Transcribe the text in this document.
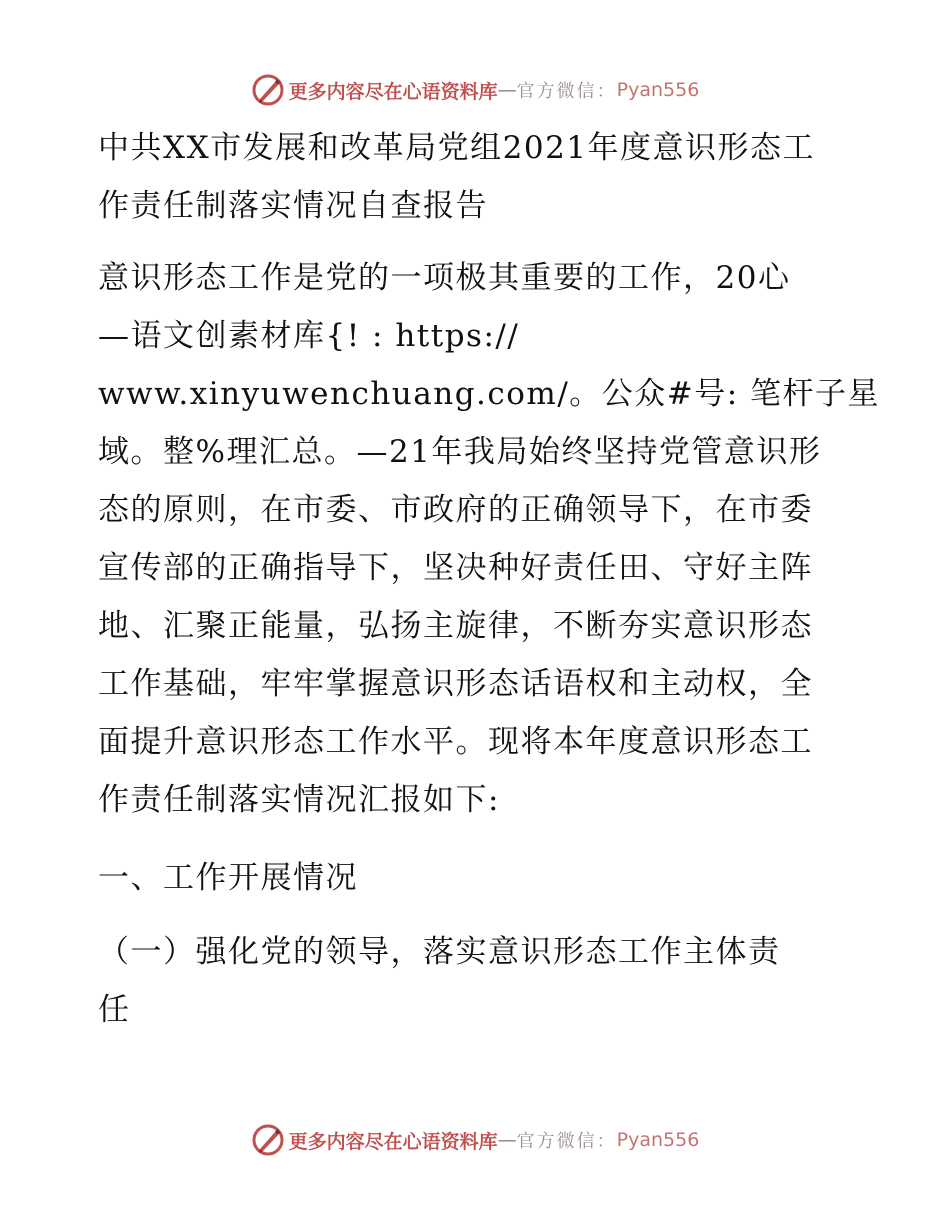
更多内容尽在心语资料库 — 官方微信： Pyan556
中共XX市发展和改革局党组2021年度意识形态工
作责任制落实情况自查报告
意识形态工作是党的一项极其重要的工作，20心
—语文创素材库{! : https://
www.xinyuwenchuang.com/。公众#号: 笔杆子星
域。整%理汇总。—21年我局始终坚持党管意识形
态的原则，在市委、市政府的正确领导下，在市委
宣传部的正确指导下，坚决种好责任田、守好主阵
地、汇聚正能量，弘扬主旋律，不断夯实意识形态
工作基础，牢牢掌握意识形态话语权和主动权，全
面提升意识形态工作水平。现将本年度意识形态工
作责任制落实情况汇报如下:
一、工作开展情况
（一）强化党的领导，落实意识形态工作主体责
任
更多内容尽在心语资料库 — 官方微信： Pyan556
